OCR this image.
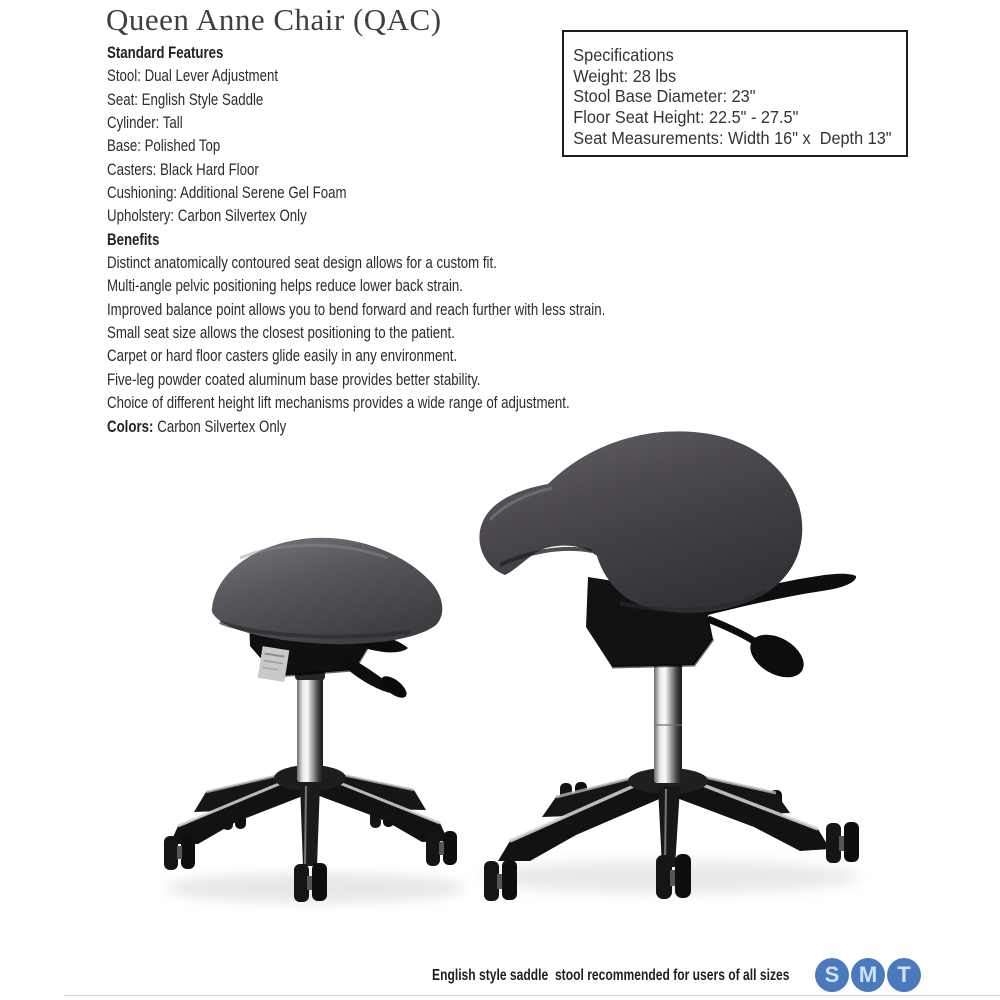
Queen Anne Chair (QAC)
Standard Features
Stool: Dual Lever Adjustment
Seat: English Style Saddle
Cylinder: Tall
Base: Polished Top
Casters: Black Hard Floor
Cushioning: Additional Serene Gel Foam
Upholstery: Carbon Silvertex Only
Benefits
Distinct anatomically contoured seat design allows for a custom fit.
Multi-angle pelvic positioning helps reduce lower back strain.
Improved balance point allows you to bend forward and reach further with less strain.
Small seat size allows the closest positioning to the patient.
Carpet or hard floor casters glide easily in any environment.
Five-leg powder coated aluminum base provides better stability.
Choice of different height lift mechanisms provides a wide range of adjustment.
Colors: Carbon Silvertex Only
Specifications
Weight: 28 lbs
Stool Base Diameter: 23"
Floor Seat Height: 22.5" - 27.5"
Seat Measurements: Width 16" x  Depth 13"
English style saddle  stool recommended for users of all sizes	S M T
